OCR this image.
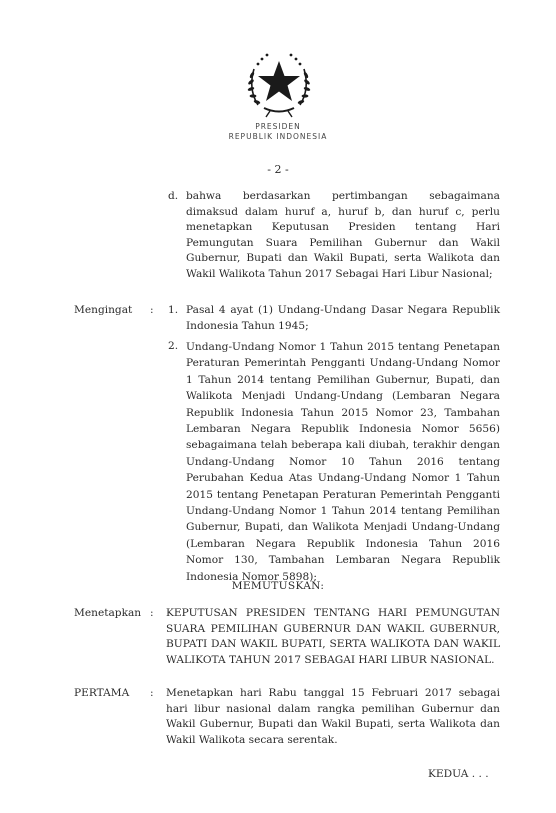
PRESIDEN
REPUBLIK INDONESIA
- 2 -
d. bahwa berdasarkan pertimbangan sebagaimana dimaksud dalam huruf a, huruf b, dan huruf c, perlu menetapkan Keputusan Presiden tentang Hari Pemungutan Suara Pemilihan Gubernur dan Wakil Gubernur, Bupati dan Wakil Bupati, serta Walikota dan Wakil Walikota Tahun 2017 Sebagai Hari Libur Nasional;
Mengingat : 1. Pasal 4 ayat (1) Undang-Undang Dasar Negara Republik Indonesia Tahun 1945;
2. Undang-Undang Nomor 1 Tahun 2015 tentang Penetapan Peraturan Pemerintah Pengganti Undang-Undang Nomor 1 Tahun 2014 tentang Pemilihan Gubernur, Bupati, dan Walikota Menjadi Undang-Undang (Lembaran Negara Republik Indonesia Tahun 2015 Nomor 23, Tambahan Lembaran Negara Republik Indonesia Nomor 5656) sebagaimana telah beberapa kali diubah, terakhir dengan Undang-Undang Nomor 10 Tahun 2016 tentang Perubahan Kedua Atas Undang-Undang Nomor 1 Tahun 2015 tentang Penetapan Peraturan Pemerintah Pengganti Undang-Undang Nomor 1 Tahun 2014 tentang Pemilihan Gubernur, Bupati, dan Walikota Menjadi Undang-Undang (Lembaran Negara Republik Indonesia Tahun 2016 Nomor 130, Tambahan Lembaran Negara Republik Indonesia Nomor 5898);
MEMUTUSKAN:
Menetapkan : KEPUTUSAN PRESIDEN TENTANG HARI PEMUNGUTAN SUARA PEMILIHAN GUBERNUR DAN WAKIL GUBERNUR, BUPATI DAN WAKIL BUPATI, SERTA WALIKOTA DAN WAKIL WALIKOTA TAHUN 2017 SEBAGAI HARI LIBUR NASIONAL.
PERTAMA : Menetapkan hari Rabu tanggal 15 Februari 2017 sebagai hari libur nasional dalam rangka pemilihan Gubernur dan Wakil Gubernur, Bupati dan Wakil Bupati, serta Walikota dan Wakil Walikota secara serentak.
KEDUA . . .
